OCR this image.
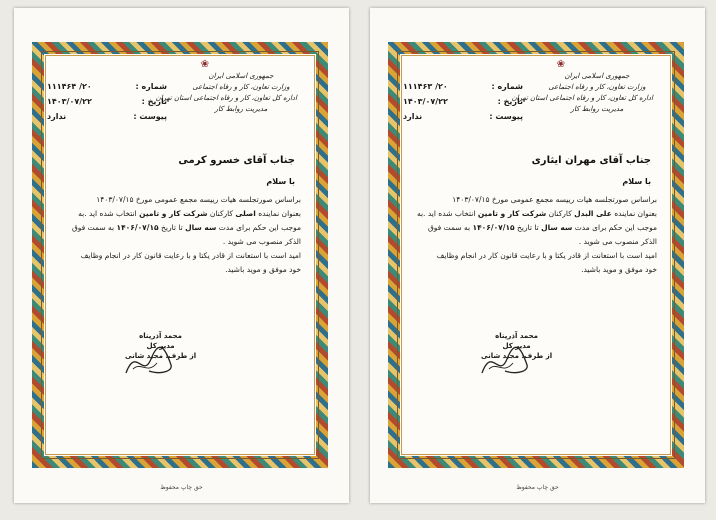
❀
جمهوری اسلامی ایران
وزارت تعاون، کار و رفاه اجتماعی
اداره کل تعاون، کار و رفاه اجتماعی استان تهران
مدیریت روابط کار
شماره :
۲۰/ ۱۱۱۴۶۴
تاریخ :
۱۴۰۳/۰۷/۲۲
پیوست :
ندارد
جناب آقای خسرو کرمی
با سلام

براساس صورتجلسه هیات رییسه مجمع عمومی مورخ ۱۴۰۳/۰۷/۱۵

بعنوان نماینده اصلی کارکنان شرکت کار و تامین انتخاب شده اید .به

موجب این حکم برای مدت سه سال تا تاریخ ۱۴۰۶/۰۷/۱۵ به سمت فوق

الذکر منصوب می شوید .

امید است با استعانت از قادر یکتا و با رعایت قانون کار در انجام وظایف

خود موفق و موید باشید.

محمد آذرپناه
مدیر کل
از طرف: مجید شانی
حق چاپ محفوظ
❀
جمهوری اسلامی ایران
وزارت تعاون، کار و رفاه اجتماعی
اداره کل تعاون، کار و رفاه اجتماعی استان تهران
مدیریت روابط کار
شماره :
۲۰/ ۱۱۱۴۶۳
تاریخ :
۱۴۰۳/۰۷/۲۲
پیوست :
ندارد
جناب آقای مهران ایثاری
با سلام

براساس صورتجلسه هیات رییسه مجمع عمومی مورخ ۱۴۰۳/۰۷/۱۵

بعنوان نماینده علی البدل کارکنان شرکت کار و تامین انتخاب شده اید .به

موجب این حکم برای مدت سه سال تا تاریخ ۱۴۰۶/۰۷/۱۵ به سمت فوق

الذکر منصوب می شوید .

امید است با استعانت از قادر یکتا و با رعایت قانون کار در انجام وظایف

خود موفق و موید باشید.

محمد آذرپناه
مدیر کل
از طرف: مجید شانی
حق چاپ محفوظ
